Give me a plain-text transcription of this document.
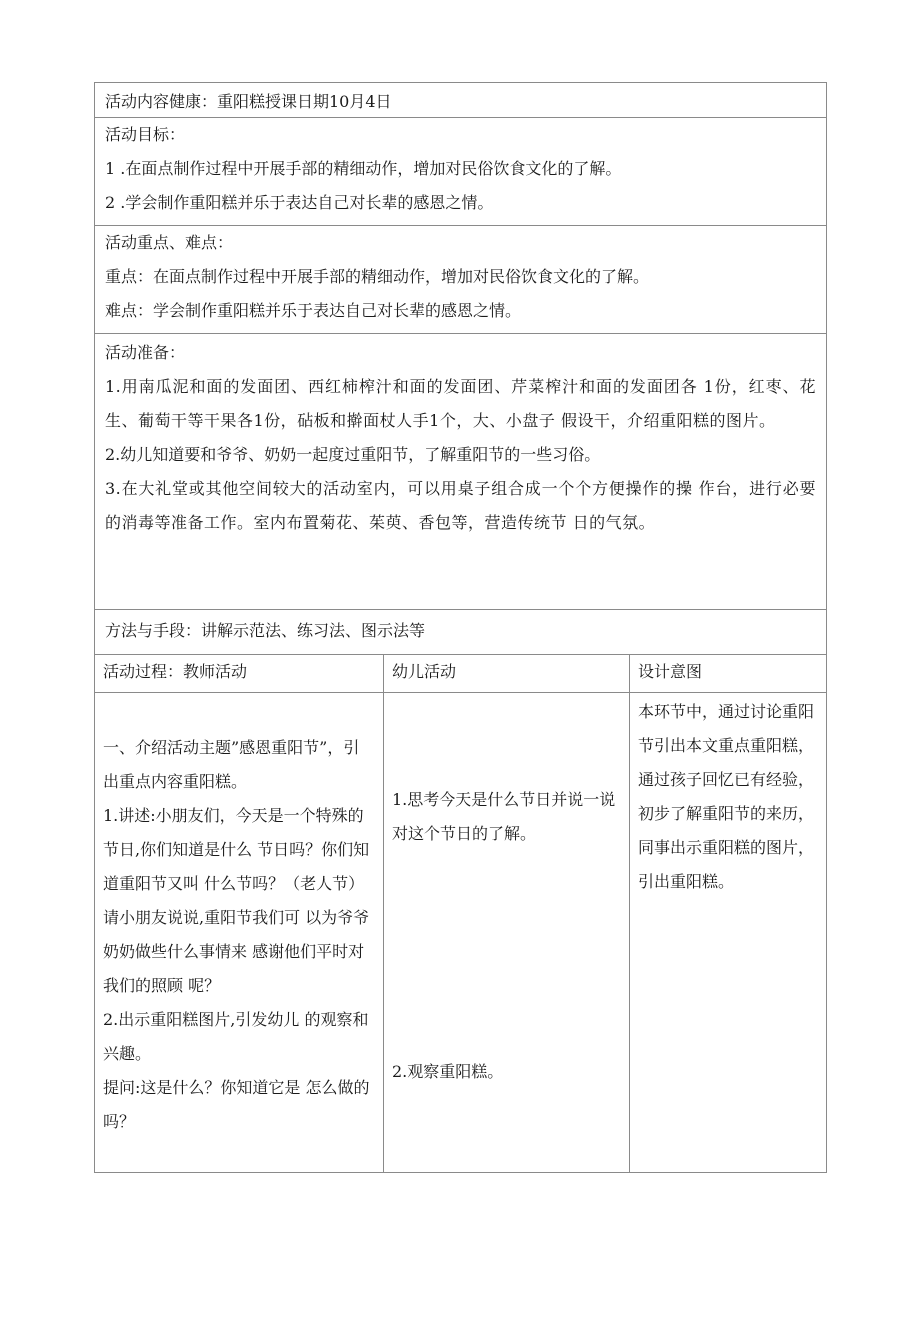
活动内容健康：重阳糕授课日期10月4日

活动目标：

1 .在面点制作过程中开展手部的精细动作，增加对民俗饮食文化的了解。

2 .学会制作重阳糕并乐于表达自己对长辈的感恩之情。

活动重点、难点：

重点：在面点制作过程中开展手部的精细动作，增加对民俗饮食文化的了解。

难点：学会制作重阳糕并乐于表达自己对长辈的感恩之情。

活动准备：

1.用南瓜泥和面的发面团、西红柿榨汁和面的发面团、芹菜榨汁和面的发面团各 1份，红枣、花生、葡萄干等干果各1份，砧板和擀面杖人手1个，大、小盘子 假设干，介绍重阳糕的图片。

2.幼儿知道要和爷爷、奶奶一起度过重阳节，了解重阳节的一些习俗。

3.在大礼堂或其他空间较大的活动室内，可以用桌子组合成一个个方便操作的操 作台，进行必要的消毒等准备工作。室内布置菊花、茱萸、香包等，营造传统节 日的气氛。

方法与手段：讲解示范法、练习法、图示法等

活动过程：教师活动	幼儿活动	设计意图

一、介绍活动主题”感恩重阳节”，引出重点内容重阳糕。

1.讲述:小朋友们，今天是一个特殊的节日,你们知道是什么 节日吗？你们知道重阳节又叫 什么节吗？（老人节）

请小朋友说说,重阳节我们可 以为爷爷奶奶做些什么事情来 感谢他们平时对我们的照顾 呢？

2.出示重阳糕图片,引发幼儿 的观察和兴趣。

提问:这是什么？你知道它是 怎么做的吗？

1.思考今天是什么节日并说一说对这个节日的了解。

2.观察重阳糕。

本环节中，通过讨论重阳节引出本文重点重阳糕，通过孩子回忆已有经验，初步了解重阳节的来历，同事出示重阳糕的图片，引出重阳糕。
